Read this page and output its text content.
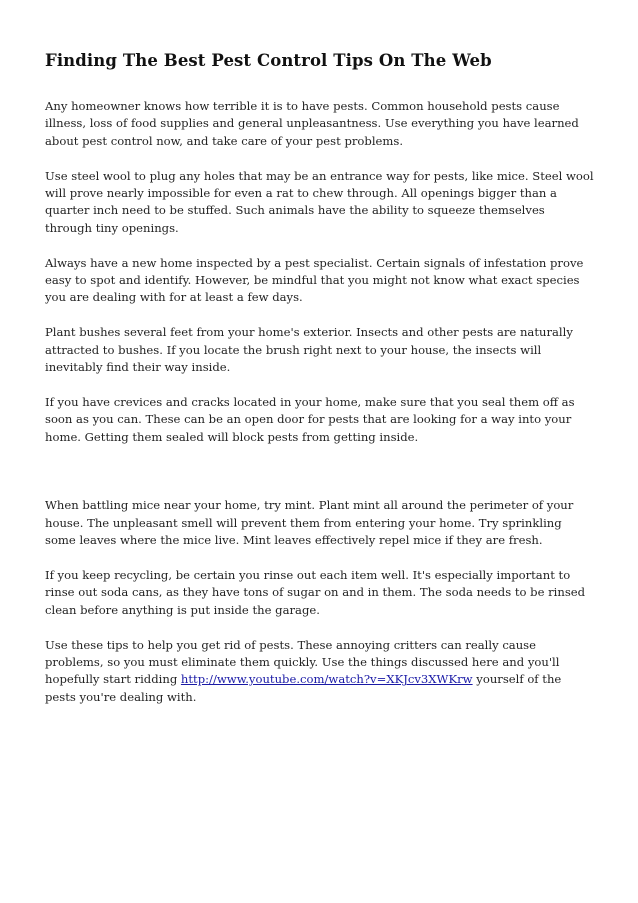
Finding The Best Pest Control Tips On The Web

Any homeowner knows how terrible it is to have pests. Common household pests cause illness, loss of food supplies and general unpleasantness. Use everything you have learned about pest control now, and take care of your pest problems.

Use steel wool to plug any holes that may be an entrance way for pests, like mice. Steel wool will prove nearly impossible for even a rat to chew through. All openings bigger than a quarter inch need to be stuffed. Such animals have the ability to squeeze themselves through tiny openings.

Always have a new home inspected by a pest specialist. Certain signals of infestation prove easy to spot and identify. However, be mindful that you might not know what exact species you are dealing with for at least a few days.

Plant bushes several feet from your home's exterior. Insects and other pests are naturally attracted to bushes. If you locate the brush right next to your house, the insects will inevitably find their way inside.

If you have crevices and cracks located in your home, make sure that you seal them off as soon as you can. These can be an open door for pests that are looking for a way into your home. Getting them sealed will block pests from getting inside.

When battling mice near your home, try mint. Plant mint all around the perimeter of your house. The unpleasant smell will prevent them from entering your home. Try sprinkling some leaves where the mice live. Mint leaves effectively repel mice if they are fresh.

If you keep recycling, be certain you rinse out each item well. It's especially important to rinse out soda cans, as they have tons of sugar on and in them. The soda needs to be rinsed clean before anything is put inside the garage.

Use these tips to help you get rid of pests. These annoying critters can really cause problems, so you must eliminate them quickly. Use the things discussed here and you'll hopefully start ridding http://www.youtube.com/watch?v=XKJcv3XWKrw yourself of the pests you're dealing with.
